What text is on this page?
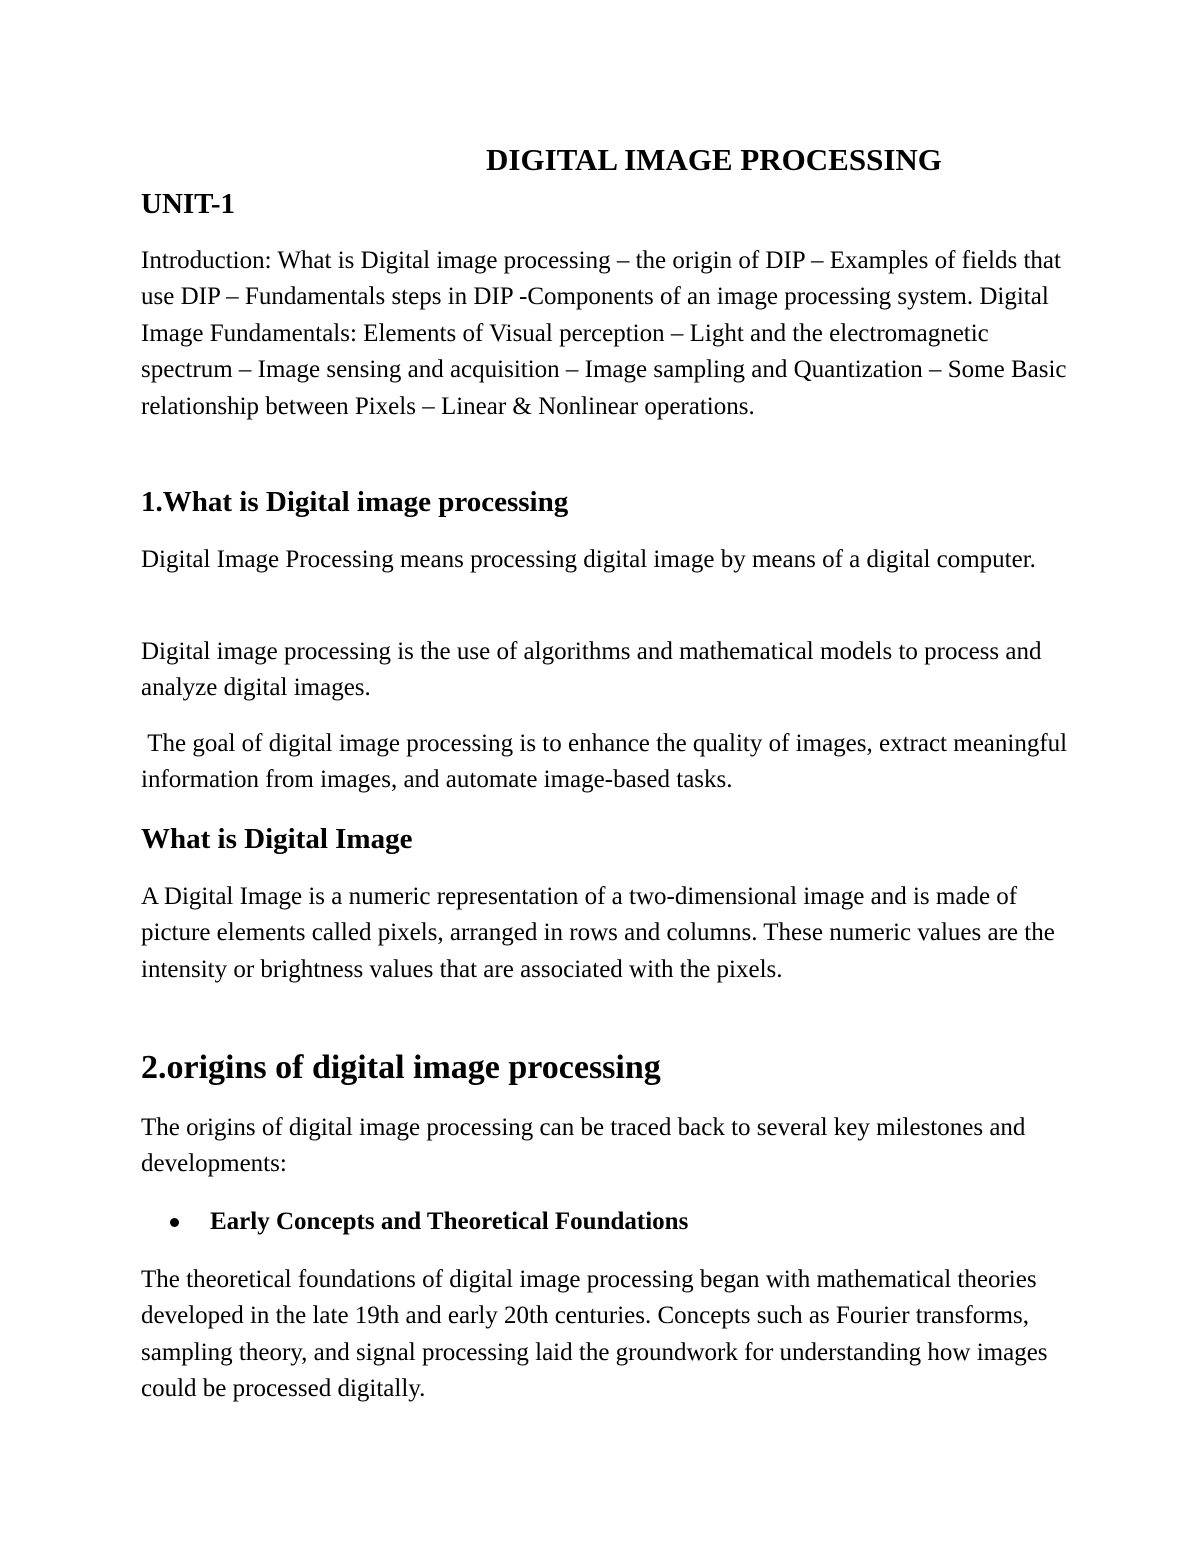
DIGITAL IMAGE PROCESSING
UNIT-1

Introduction: What is Digital image processing – the origin of DIP – Examples of fields that use DIP – Fundamentals steps in DIP -Components of an image processing system. Digital Image Fundamentals: Elements of Visual perception – Light and the electromagnetic spectrum – Image sensing and acquisition – Image sampling and Quantization – Some Basic relationship between Pixels – Linear & Nonlinear operations.

1.What is Digital image processing

Digital Image Processing means processing digital image by means of a digital computer.

Digital image processing is the use of algorithms and mathematical models to process and analyze digital images.

The goal of digital image processing is to enhance the quality of images, extract meaningful information from images, and automate image-based tasks.

What is Digital Image

A Digital Image is a numeric representation of a two-dimensional image and is made of picture elements called pixels, arranged in rows and columns. These numeric values are the intensity or brightness values that are associated with the pixels.

2.origins of digital image processing

The origins of digital image processing can be traced back to several key milestones and developments:

Early Concepts and Theoretical Foundations

The theoretical foundations of digital image processing began with mathematical theories developed in the late 19th and early 20th centuries. Concepts such as Fourier transforms, sampling theory, and signal processing laid the groundwork for understanding how images could be processed digitally.
